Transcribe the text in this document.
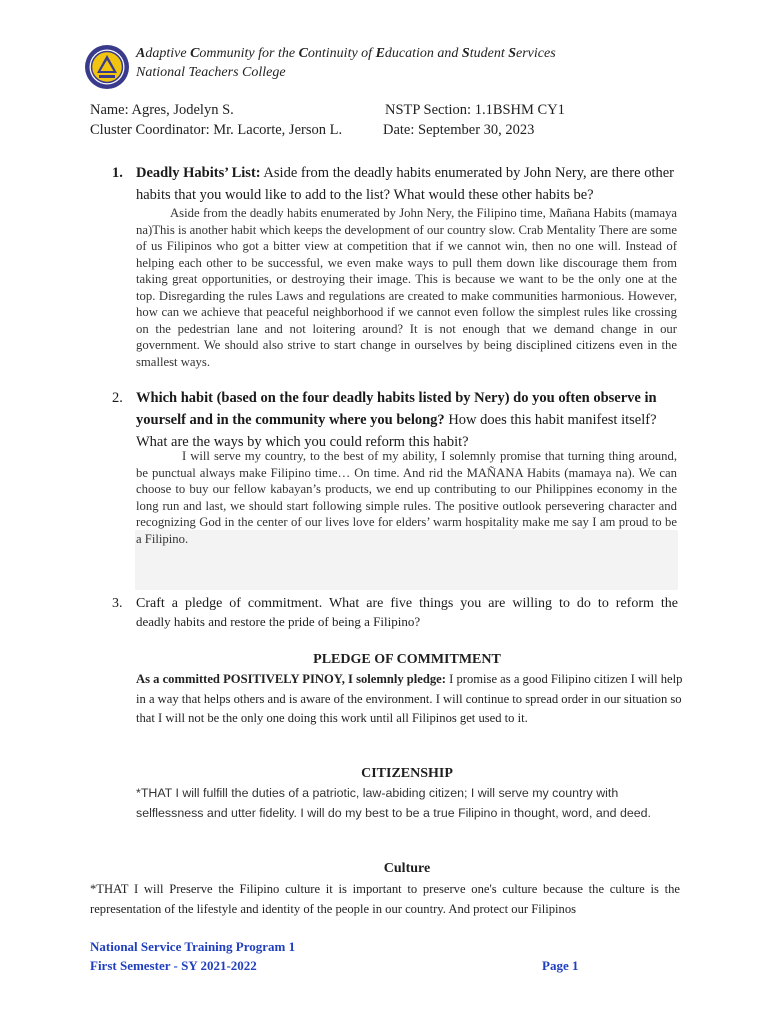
Adaptive Community for the Continuity of Education and Student Services
National Teachers College
Name: Agres, Jodelyn S.	NSTP Section: 1.1BSHM CY1
Cluster Coordinator: Mr. Lacorte, Jerson L.	Date: September 30, 2023
1. Deadly Habits’ List: Aside from the deadly habits enumerated by John Nery, are there other habits that you would like to add to the list? What would these other habits be?
Aside from the deadly habits enumerated by John Nery, the Filipino time, Mañana Habits (mamaya na)This is another habit which keeps the development of our country slow. Crab Mentality There are some of us Filipinos who got a bitter view at competition that if we cannot win, then no one will. Instead of helping each other to be successful, we even make ways to pull them down like discourage them from taking great opportunities, or destroying their image. This is because we want to be the only one at the top. Disregarding the rules Laws and regulations are created to make communities harmonious. However, how can we achieve that peaceful neighborhood if we cannot even follow the simplest rules like crossing on the pedestrian lane and not loitering around? It is not enough that we demand change in our government. We should also strive to start change in ourselves by being disciplined citizens even in the smallest ways.
2. Which habit (based on the four deadly habits listed by Nery) do you often observe in yourself and in the community where you belong? How does this habit manifest itself? What are the ways by which you could reform this habit?
I will serve my country, to the best of my ability, I solemnly promise that turning thing around, be punctual always make Filipino time… On time. And rid the MAÑANA Habits (mamaya na). We can choose to buy our fellow kabayan’s products, we end up contributing to our Philippines economy in the long run and last, we should start following simple rules. The positive outlook persevering character and recognizing God in the center of our lives love for elders’ warm hospitality make me say I am proud to be a Filipino.
3. Craft a pledge of commitment. What are five things you are willing to do to reform the
deadly habits and restore the pride of being a Filipino?
PLEDGE OF COMMITMENT
As a committed POSITIVELY PINOY, I solemnly pledge: I promise as a good Filipino citizen I will help in a way that helps others and is aware of the environment. I will continue to spread order in our situation so that I will not be the only one doing this work until all Filipinos get used to it.
CITIZENSHIP
*THAT I will fulfill the duties of a patriotic, law-abiding citizen; I will serve my country with selflessness and utter fidelity. I will do my best to be a true Filipino in thought, word, and deed.
Culture
*THAT I will Preserve the Filipino culture it is important to preserve one's culture because the culture is the representation of the lifestyle and identity of the people in our country. And protect our Filipinos
National Service Training Program 1
First Semester - SY 2021-2022	Page 1
